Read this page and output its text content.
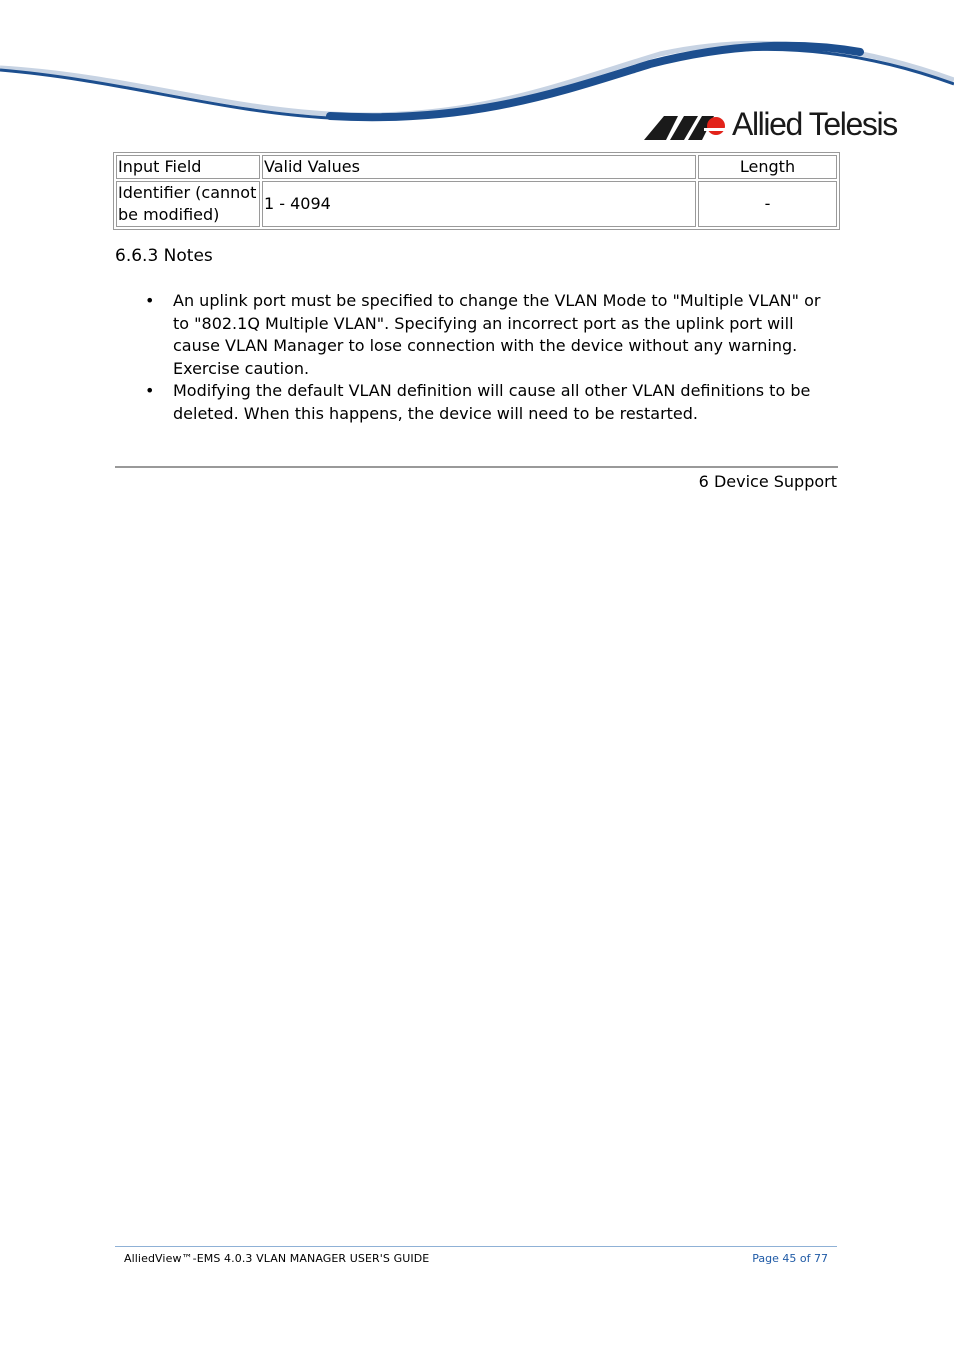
Allied Telesis
Input Field	Valid Values	Length
Identifier (cannot be modified)	1 - 4094	-
6.6.3 Notes
• An uplink port must be specified to change the VLAN Mode to "Multiple VLAN" or to "802.1Q Multiple VLAN". Specifying an incorrect port as the uplink port will cause VLAN Manager to lose connection with the device without any warning. Exercise caution.
• Modifying the default VLAN definition will cause all other VLAN definitions to be deleted. When this happens, the device will need to be restarted.
6 Device Support
AlliedView™-EMS 4.0.3 VLAN MANAGER USER'S GUIDE	Page 45 of 77
